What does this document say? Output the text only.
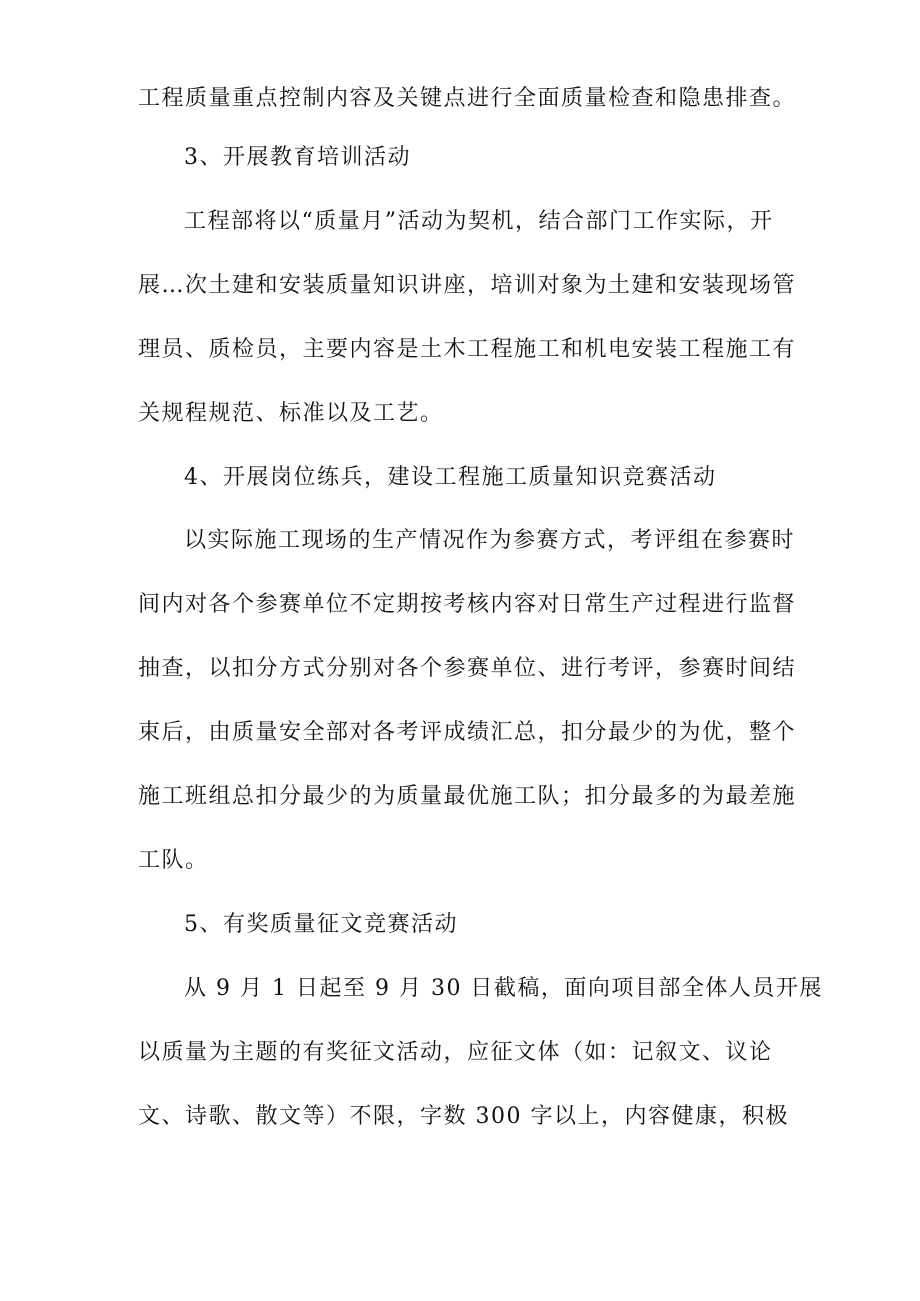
工程质量重点控制内容及关键点进行全面质量检查和隐患排查。
3、开展教育培训活动
工程部将以“质量月”活动为契机，结合部门工作实际，开
展…次土建和安装质量知识讲座，培训对象为土建和安装现场管
理员、质检员，主要内容是土木工程施工和机电安装工程施工有
关规程规范、标准以及工艺。
4、开展岗位练兵，建设工程施工质量知识竞赛活动
以实际施工现场的生产情况作为参赛方式，考评组在参赛时
间内对各个参赛单位不定期按考核内容对日常生产过程进行监督
抽查，以扣分方式分别对各个参赛单位、进行考评，参赛时间结
束后，由质量安全部对各考评成绩汇总，扣分最少的为优，整个
施工班组总扣分最少的为质量最优施工队；扣分最多的为最差施
工队。
5、有奖质量征文竞赛活动
从 9 月 1 日起至 9 月 30 日截稿，面向项目部全体人员开展
以质量为主题的有奖征文活动，应征文体（如：记叙文、议论
文、诗歌、散文等）不限，字数 300 字以上，内容健康，积极
